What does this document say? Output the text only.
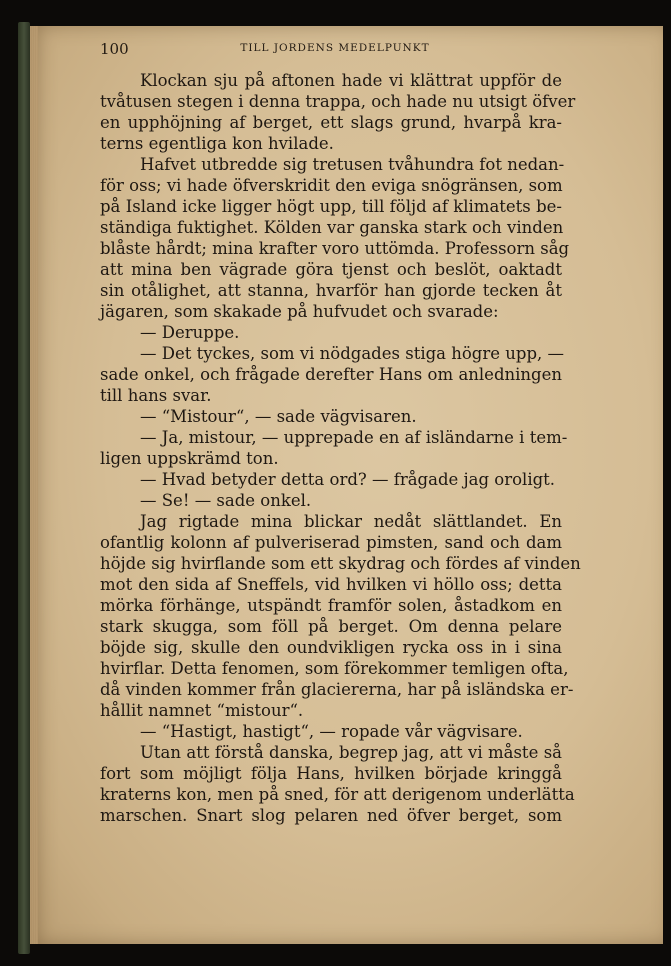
100	TILL JORDENS MEDELPUNKT
Klockan sju på aftonen hade vi klättrat uppför de
tvåtusen stegen i denna trappa, och hade nu utsigt öfver
en upphöjning af berget, ett slags grund, hvarpå kra-
terns egentliga kon hvilade.
Hafvet utbredde sig tretusen tvåhundra fot nedan-
för oss; vi hade öfverskridit den eviga snögränsen, som
på Island icke ligger högt upp, till följd af klimatets be-
ständiga fuktighet. Kölden var ganska stark och vinden
blåste hårdt; mina krafter voro uttömda. Professorn såg
att mina ben vägrade göra tjenst och beslöt, oaktadt
sin otålighet, att stanna, hvarför han gjorde tecken åt
jägaren, som skakade på hufvudet och svarade:
— Deruppe.
— Det tyckes, som vi nödgades stiga högre upp, —
sade onkel, och frågade derefter Hans om anledningen
till hans svar.
— “Mistour“, — sade vägvisaren.
— Ja, mistour, — upprepade en af isländarne i tem-
ligen uppskrämd ton.
— Hvad betyder detta ord? — frågade jag oroligt.
— Se! — sade onkel.
Jag rigtade mina blickar nedåt slättlandet. En
ofantlig kolonn af pulveriserad pimsten, sand och dam
höjde sig hvirflande som ett skydrag och fördes af vinden
mot den sida af Sneffels, vid hvilken vi höllo oss; detta
mörka förhänge, utspändt framför solen, åstadkom en
stark skugga, som föll på berget. Om denna pelare
böjde sig, skulle den oundvikligen rycka oss in i sina
hvirflar. Detta fenomen, som förekommer temligen ofta,
då vinden kommer från glaciererna, har på isländska er-
hållit namnet “mistour“.
— “Hastigt, hastigt“, — ropade vår vägvisare.
Utan att förstå danska, begrep jag, att vi måste så
fort som möjligt följa Hans, hvilken började kringgå
kraterns kon, men på sned, för att derigenom underlätta
marschen. Snart slog pelaren ned öfver berget, som
